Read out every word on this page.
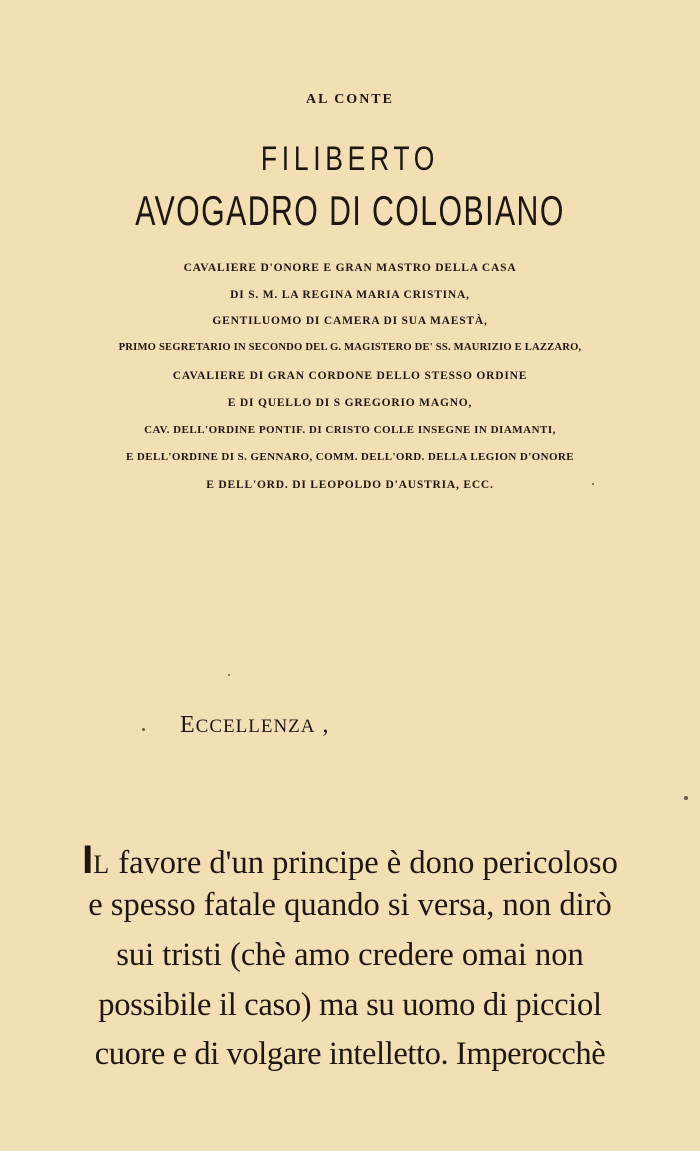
AL CONTE
FILIBERTO
AVOGADRO DI COLOBIANO
CAVALIERE D'ONORE E GRAN MASTRO DELLA CASA
DI S. M. LA REGINA MARIA CRISTINA,
GENTILUOMO DI CAMERA DI SUA MAESTÀ,
PRIMO SEGRETARIO IN SECONDO DEL G. MAGISTERO DE' SS. MAURIZIO E LAZZARO,
CAVALIERE DI GRAN CORDONE DELLO STESSO ORDINE
E DI QUELLO DI S GREGORIO MAGNO,
CAV. DELL'ORDINE PONTIF. DI CRISTO COLLE INSEGNE IN DIAMANTI,
E DELL'ORDINE DI S. GENNARO, COMM. DELL'ORD. DELLA LEGION D'ONORE
E DELL'ORD. DI LEOPOLDO D'AUSTRIA, ECC.
ECCELLENZA ,
IL favore d'un principe è dono pericoloso
e spesso fatale quando si versa, non dirò
sui tristi (chè amo credere omai non
possibile il caso) ma su uomo di picciol
cuore e di volgare intelletto. Imperocchè
